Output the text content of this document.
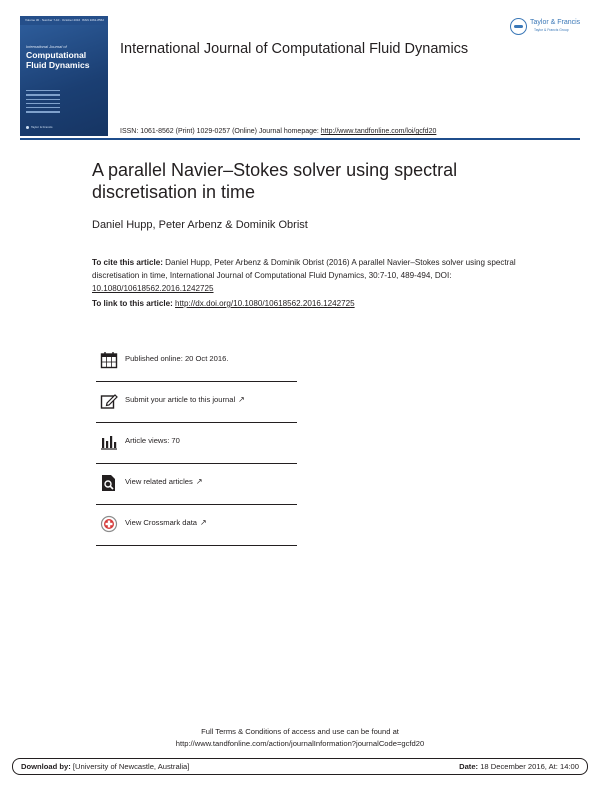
Volume 30 · Number 7-10 · October 2016 ISSN 1061-8562
International Journal of
Computational
Fluid Dynamics
Taylor & Francis
International Journal of Computational Fluid Dynamics
Taylor & Francis
Taylor & Francis Group
ISSN: 1061-8562 (Print) 1029-0257 (Online) Journal homepage: http://www.tandfonline.com/loi/gcfd20
A parallel Navier–Stokes solver using spectral discretisation in time
Daniel Hupp, Peter Arbenz & Dominik Obrist
To cite this article: Daniel Hupp, Peter Arbenz & Dominik Obrist (2016) A parallel Navier–Stokes solver using spectral discretisation in time, International Journal of Computational Fluid Dynamics, 30:7-10, 489-494, DOI: 10.1080/10618562.2016.1242725
To link to this article: http://dx.doi.org/10.1080/10618562.2016.1242725
Published online: 20 Oct 2016.
Submit your article to this journal ↗
Article views: 70
View related articles ↗
View Crossmark data ↗
Full Terms & Conditions of access and use can be found at
http://www.tandfonline.com/action/journalInformation?journalCode=gcfd20
Download by: [University of Newcastle, Australia]	Date: 18 December 2016, At: 14:00
